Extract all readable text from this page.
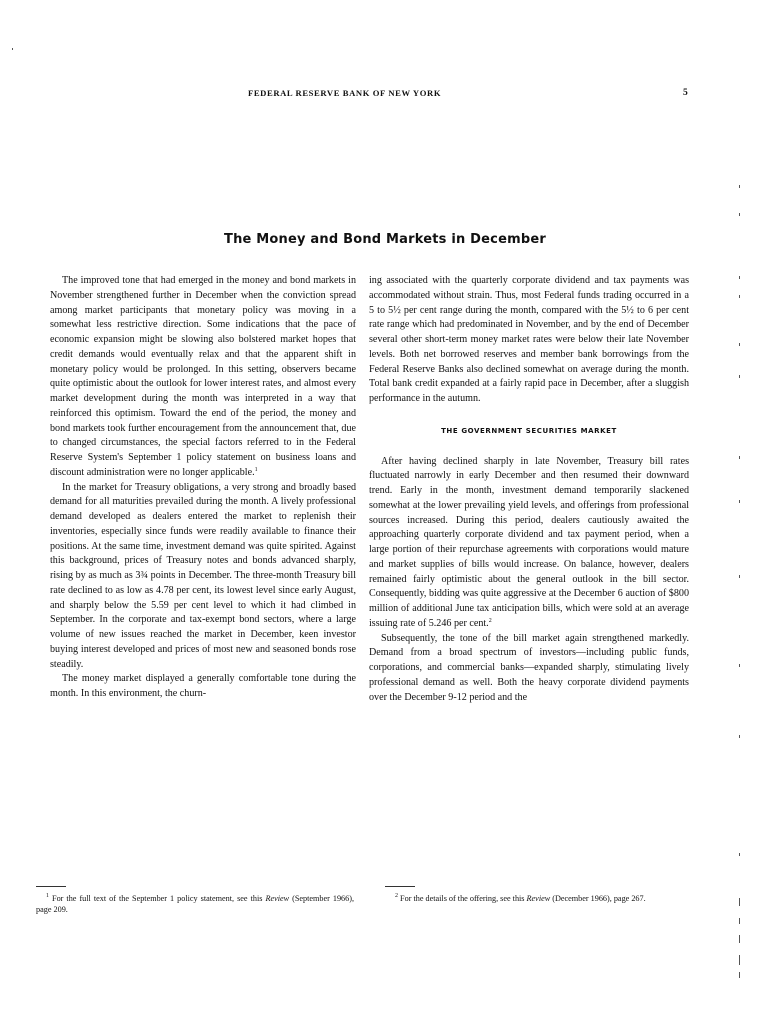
FEDERAL RESERVE BANK OF NEW YORK	5
The Money and Bond Markets in December

The improved tone that had emerged in the money and bond markets in November strengthened further in December when the conviction spread among market participants that monetary policy was moving in a somewhat less restrictive direction. Some indications that the pace of economic expansion might be slowing also bolstered market hopes that credit demands would eventually relax and that the apparent shift in monetary policy would be prolonged. In this setting, observers became quite optimistic about the outlook for lower interest rates, and almost every market development during the month was interpreted in a way that reinforced this optimism. Toward the end of the period, the money and bond markets took further encouragement from the announcement that, due to changed circumstances, the special factors referred to in the Federal Reserve System's September 1 policy statement on business loans and discount administration were no longer applicable.$^1$

In the market for Treasury obligations, a very strong and broadly based demand for all maturities prevailed during the month. A lively professional demand developed as dealers entered the market to replenish their inventories, especially since funds were readily available to finance their positions. At the same time, investment demand was quite spirited. Against this background, prices of Treasury notes and bonds advanced sharply, rising by as much as 3¾ points in December. The three-month Treasury bill rate declined to as low as 4.78 per cent, its lowest level since early August, and sharply below the 5.59 per cent level to which it had climbed in September. In the corporate and tax-exempt bond sectors, where a large volume of new issues reached the market in December, keen investor buying interest developed and prices of most new and seasoned bonds rose steadily.

The money market displayed a generally comfortable tone during the month. In this environment, the churn-

ing associated with the quarterly corporate dividend and tax payments was accommodated without strain. Thus, most Federal funds trading occurred in a 5 to 5½ per cent range during the month, compared with the 5½ to 6 per cent rate range which had predominated in November, and by the end of December several other short-term money market rates were below their late November levels. Both net borrowed reserves and member bank borrowings from the Federal Reserve Banks also declined somewhat on average during the month. Total bank credit expanded at a fairly rapid pace in December, after a sluggish performance in the autumn.

THE GOVERNMENT SECURITIES MARKET

After having declined sharply in late November, Treasury bill rates fluctuated narrowly in early December and then resumed their downward trend. Early in the month, investment demand temporarily slackened somewhat at the lower prevailing yield levels, and offerings from professional sources increased. During this period, dealers cautiously awaited the approaching quarterly corporate dividend and tax payment period, when a large portion of their repurchase agreements with corporations would mature and market supplies of bills would increase. On balance, however, dealers remained fairly optimistic about the general outlook in the bill sector. Consequently, bidding was quite aggressive at the December 6 auction of $800 million of additional June tax anticipation bills, which were sold at an average issuing rate of 5.246 per cent.$^2$

Subsequently, the tone of the bill market again strengthened markedly. Demand from a broad spectrum of investors—including public funds, corporations, and commercial banks—expanded sharply, stimulating lively professional demand as well. Both the heavy corporate dividend payments over the December 9-12 period and the

$^1$ For the full text of the September 1 policy statement, see this Review (September 1966), page 209.
$^2$ For the details of the offering, see this Review (December 1966), page 267.
